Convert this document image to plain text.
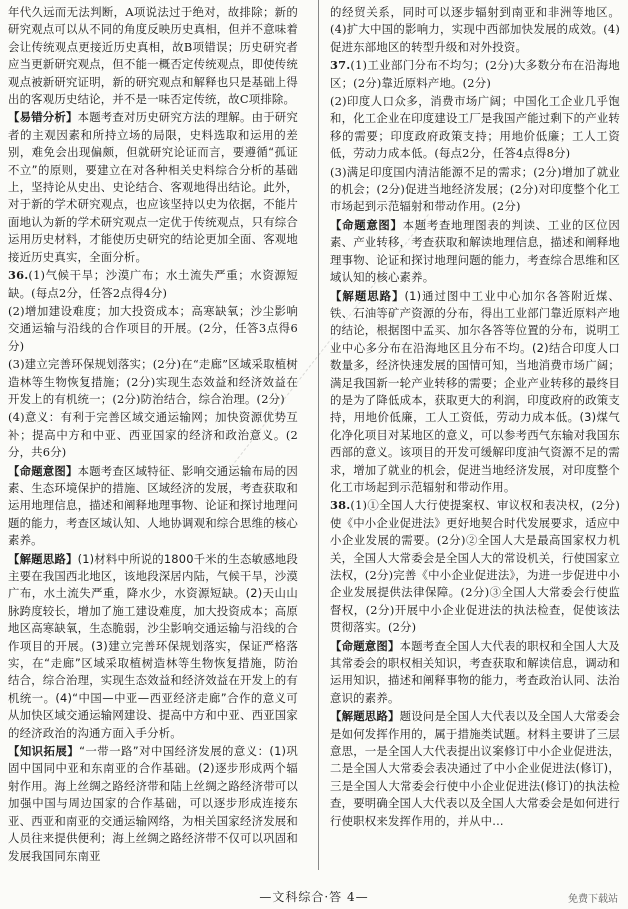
年代久远而无法判断，A项说法过于绝对，故排除；新的研究观点可以从不同的角度反映历史真相，但并不意味着会让传统观点更接近历史真相，故B项错误；历史研究者应当更新研究观点，但不能一概否定传统观点，即使传统观点被新研究证明，新的研究观点和解释也只是基础上得出的客观历史结论，并不是一味否定传统，故C项排除。
【易错分析】本题考查对历史研究方法的理解。由于研究者的主观因素和所持立场的局限，史料选取和运用的差别，难免会出现偏颇，但就研究论证而言，要遵循“孤证不立”的原则，要建立在对各种相关史料综合分析的基础上，坚持论从史出、史论结合、客观地得出结论。此外，对于新的学术研究观点，也应该坚持以史为依据，不能片面地认为新的学术研究观点一定优于传统观点，只有综合运用历史材料，才能使历史研究的结论更加全面、客观地接近历史真实，全面分析。
36.(1)气候干旱；沙漠广布；水土流失严重；水资源短缺。(每点2分，任答2点得4分)
(2)增加建设难度；加大投资成本；高寒缺氧；沙尘影响交通运输与沿线的合作项目的开展。(2分，任答3点得6分)
(3)建立完善环保规划落实；(2分)在“走廊”区域采取植树造林等生物恢复措施；(2分)实现生态效益和经济效益在开发上的有机统一；(2分)防治结合，综合治理。(2分)
(4)意义：有利于完善区域交通运输网；加快资源优势互补；提高中方和中亚、西亚国家的经济和政治意义。(2分，共6分)
【命题意图】本题考查区域特征、影响交通运输布局的因素、生态环境保护的措施、区域经济的发展，考查获取和运用地理信息，描述和阐释地理事物、论证和探讨地理问题的能力，考查区域认知、人地协调观和综合思维的核心素养。
【解题思路】(1)材料中所说的1800千米的生态敏感地段主要在我国西北地区，该地段深居内陆，气候干旱，沙漠广布，水土流失严重，降水少，水资源短缺。(2)天山山脉跨度较长，增加了施工建设难度，加大投资成本；高原地区高寒缺氧，生态脆弱，沙尘影响交通运输与沿线的合作项目的开展。(3)建立完善环保规划落实，保证严格落实，在“走廊”区域采取植树造林等生物恢复措施，防治结合，综合治理，实现生态效益和经济效益在开发上的有机统一。(4)“中国—中亚—西亚经济走廊”合作的意义可从加快区域交通运输网建设、提高中方和中亚、西亚国家的经济政治的沟通方面入手分析。
【知识拓展】“一带一路”对中国经济发展的意义：(1)巩固中国同中亚和东南亚的合作基础。(2)逐步形成两个辐射作用。海上丝绸之路经济带和陆上丝绸之路经济带可以加强中国与周边国家的合作基础，可以逐步形成连接东亚、西亚和南亚的交通运输网络，为相关国家经济发展和人员往来提供便利；海上丝绸之路经济带不仅可以巩固和发展我国同东南亚
的经贸关系，同时可以逐步辐射到南亚和非洲等地区。(4)扩大中国的影响力，实现中西部加快发展的成效。(4)促进东部地区的转型升级和对外投资。
37.(1)工业部门分布不均匀；(2分)大多数分布在沿海地区；(2分)靠近原料产地。(2分)
(2)印度人口众多，消费市场广阔；中国化工企业几乎饱和，化工企业在印度建设工厂是我国产能过剩下的产业转移的需要；印度政府政策支持；用地价低廉；工人工资低，劳动力成本低。(每点2分，任答4点得8分)
(3)满足印度国内清洁能源不足的需求；(2分)增加了就业的机会；(2分)促进当地经济发展；(2分)对印度整个化工市场起到示范辐射和带动作用。(2分)
【命题意图】本题考查地理图表的判读、工业的区位因素、产业转移，考查获取和解读地理信息，描述和阐释地理事物、论证和探讨地理问题的能力，考查综合思维和区域认知的核心素养。
【解题思路】(1)通过图中工业中心加尔各答附近煤、铁、石油等矿产资源的分布，得出工业部门靠近原料产地的结论，根据图中孟买、加尔各答等位置的分布，说明工业中心多分布在沿海地区且分布不均。(2)结合印度人口数量多，经济快速发展的国情可知，当地消费市场广阔；满足我国新一轮产业转移的需要；企业产业转移的最终目的是为了降低成本，获取更大的利润，印度政府的政策支持，用地价低廉，工人工资低，劳动力成本低。(3)煤气化净化项目对某地区的意义，可以参考西气东输对我国东西部的意义。该项目的开发可缓解印度油气资源不足的需求，增加了就业的机会，促进当地经济发展，对印度整个化工市场起到示范辐射和带动作用。
38.(1)①全国人大行使提案权、审议权和表决权，(2分)使《中小企业促进法》更好地契合时代发展要求，适应中小企业发展的需要。(2分)②全国人大是最高国家权力机关，全国人大常委会是全国人大的常设机关，行使国家立法权，(2分)完善《中小企业促进法》，为进一步促进中小企业发展提供法律保障。(2分)③全国人大常委会行使监督权，(2分)开展中小企业促进法的执法检查，促使该法贯彻落实。(2分)
【命题意图】本题考查全国人大代表的职权和全国人大及其常委会的职权相关知识，考查获取和解读信息，调动和运用知识，描述和阐释事物的能力，考查政治认同、法治意识的素养。
【解题思路】题设问是全国人大代表以及全国人大常委会是如何发挥作用的，属于措施类试题。材料主要讲了三层意思，一是全国人大代表提出议案修订中小企业促进法，二是全国人大常委会表决通过了中小企业促进法(修订)，三是全国人大常委会行使中小企业促进法(修订)的执法检查，要明确全国人大代表以及全国人大常委会是如何进行行使职权来发挥作用的，并从中...
—文科综合·答 4—	免费下载站
